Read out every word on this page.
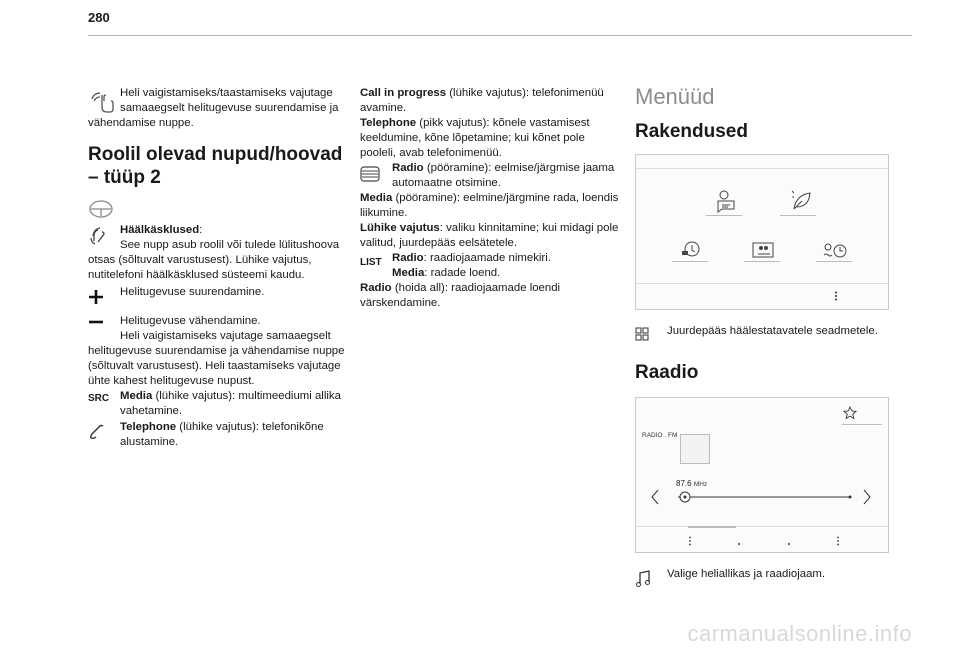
280

Heli vaigistamiseks/taastamiseks vajutage samaaegselt helitugevuse suurendamise ja vähendamise nuppe.

Roolil olevad nupud/hoovad – tüüp 2

Häälkäsklused:

See nupp asub roolil või tulede lülitushoova otsas (sõltuvalt varustusest). Lühike vajutus, nutitelefoni häälkäsklused süsteemi kaudu.

Helitugevuse suurendamine.

Helitugevuse vähendamine.

Heli vaigistamiseks vajutage samaaegselt helitugevuse suurendamise ja vähendamise nuppe (sõltuvalt varustusest). Heli taastamiseks vajutage ühte kahest helitugevuse nupust.

SRC Media (lühike vajutus): multimeediumi allika vahetamine.

Telephone (lühike vajutus): telefonikõne alustamine.

Call in progress (lühike vajutus): telefonimenüü avamine.

Telephone (pikk vajutus): kõnele vastamisest keeldumine, kõne lõpetamine; kui kõnet pole pooleli, avab telefonimenüü.

Radio (pööramine): eelmise/järgmise jaama automaatne otsimine.

Media (pööramine): eelmine/järgmine rada, loendis liikumine.

Lühike vajutus: valiku kinnitamine; kui midagi pole valitud, juurdepääs eelsätetele.

LIST Radio: raadiojaamade nimekiri.

Media: radade loend.

Radio (hoida all): raadiojaamade loendi värskendamine.

Menüüd
Rakendused

Juurdepääs häälestatavatele seadmetele.

Raadio
RADIO . FM
87.6 MHz

Valige heliallikas ja raadiojaam.

carmanualsonline.info
